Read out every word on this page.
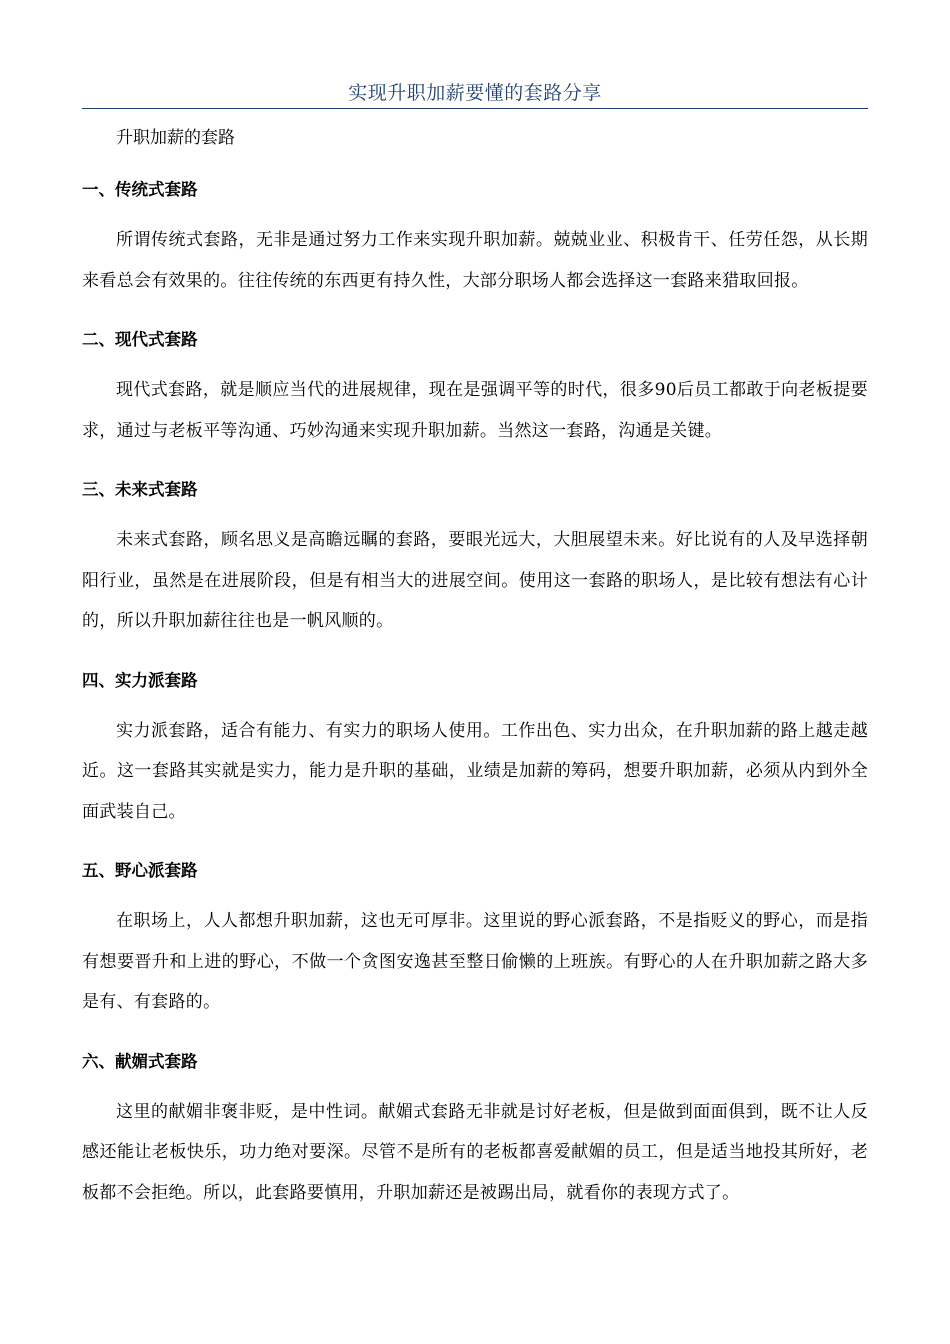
实现升职加薪要懂的套路分享

升职加薪的套路

一、传统式套路

所谓传统式套路，无非是通过努力工作来实现升职加薪。兢兢业业、积极肯干、任劳任怨，从长期来看总会有效果的。往往传统的东西更有持久性，大部分职场人都会选择这一套路来猎取回报。

二、现代式套路

现代式套路，就是顺应当代的进展规律，现在是强调平等的时代，很多90后员工都敢于向老板提要求，通过与老板平等沟通、巧妙沟通来实现升职加薪。当然这一套路，沟通是关键。

三、未来式套路

未来式套路，顾名思义是高瞻远瞩的套路，要眼光远大，大胆展望未来。好比说有的人及早选择朝阳行业，虽然是在进展阶段，但是有相当大的进展空间。使用这一套路的职场人，是比较有想法有心计的，所以升职加薪往往也是一帆风顺的。

四、实力派套路

实力派套路，适合有能力、有实力的职场人使用。工作出色、实力出众，在升职加薪的路上越走越近。这一套路其实就是实力，能力是升职的基础，业绩是加薪的筹码，想要升职加薪，必须从内到外全面武装自己。

五、野心派套路

在职场上，人人都想升职加薪，这也无可厚非。这里说的野心派套路，不是指贬义的野心，而是指有想要晋升和上进的野心，不做一个贪图安逸甚至整日偷懒的上班族。有野心的人在升职加薪之路大多是有、有套路的。

六、献媚式套路

这里的献媚非褒非贬，是中性词。献媚式套路无非就是讨好老板，但是做到面面俱到，既不让人反感还能让老板快乐，功力绝对要深。尽管不是所有的老板都喜爱献媚的员工，但是适当地投其所好，老板都不会拒绝。所以，此套路要慎用，升职加薪还是被踢出局，就看你的表现方式了。
